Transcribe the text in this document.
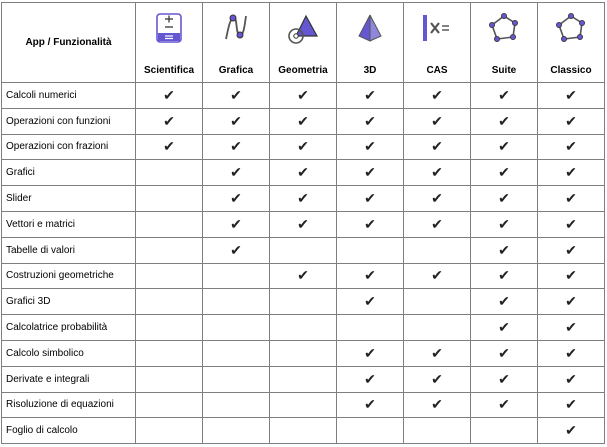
App / Funzionalità	Scientifica	Grafica	Geometria	3D	CAS	Suite	Classico

Calcoli numerici	✔	✔	✔	✔	✔	✔	✔
Operazioni con funzioni	✔	✔	✔	✔	✔	✔	✔
Operazioni con frazioni	✔	✔	✔	✔	✔	✔	✔
Grafici		✔	✔	✔	✔	✔	✔
Slider		✔	✔	✔	✔	✔	✔
Vettori e matrici		✔	✔	✔	✔	✔	✔
Tabelle di valori		✔				✔	✔
Costruzioni geometriche			✔	✔	✔	✔	✔
Grafici 3D				✔		✔	✔
Calcolatrice probabilità						✔	✔
Calcolo simbolico				✔	✔	✔	✔
Derivate e integrali				✔	✔	✔	✔
Risoluzione di equazioni				✔	✔	✔	✔
Foglio di calcolo							✔
